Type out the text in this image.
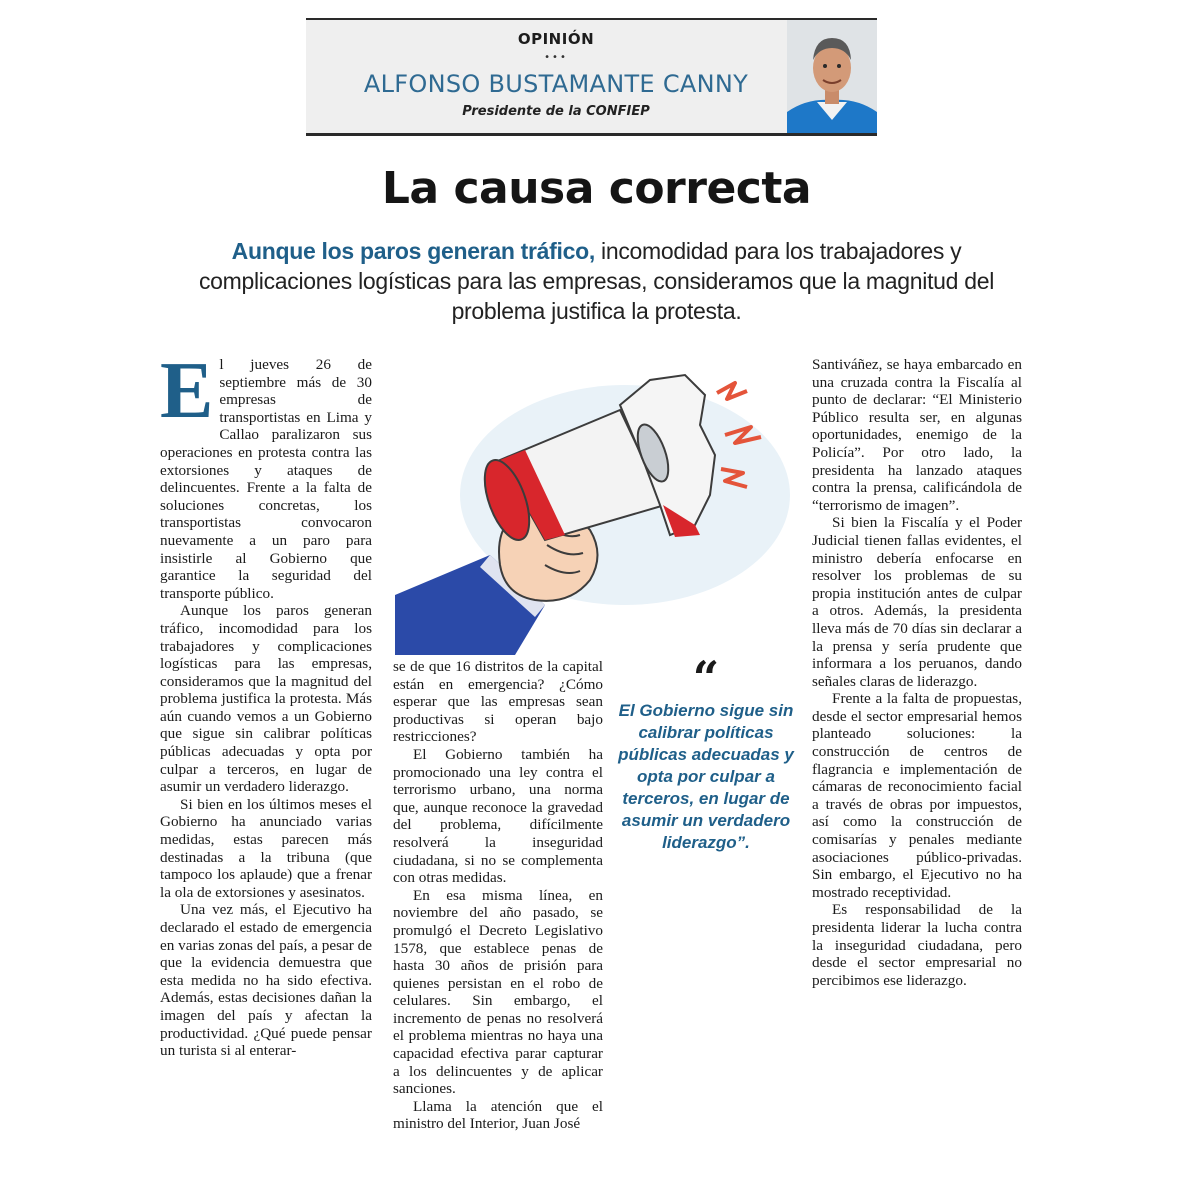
OPINIÓN
•••
ALFONSO BUSTAMANTE CANNY
Presidente de la CONFIEP
La causa correcta
Aunque los paros generan tráfico, incomodidad para los trabajadores y complicaciones logísticas para las empresas, consideramos que la magnitud del problema justifica la protesta.
E l jueves 26 de septiembre más de 30 empresas de transportistas en Lima y Callao paralizaron sus operaciones en protesta contra las extorsiones y ataques de delincuentes. Frente a la falta de soluciones concretas, los transportistas convocaron nuevamente a un paro para insistirle al Gobierno que garantice la seguridad del transporte público.

Aunque los paros generan tráfico, incomodidad para los trabajadores y complicaciones logísticas para las empresas, consideramos que la magnitud del problema justifica la protesta. Más aún cuando vemos a un Gobierno que sigue sin calibrar políticas públicas adecuadas y opta por culpar a terceros, en lugar de asumir un verdadero liderazgo.

Si bien en los últimos meses el Gobierno ha anunciado varias medidas, estas parecen más destinadas a la tribuna (que tampoco los aplaude) que a frenar la ola de extorsiones y asesinatos.

Una vez más, el Ejecutivo ha declarado el estado de emergencia en varias zonas del país, a pesar de que la evidencia demuestra que esta medida no ha sido efectiva. Además, estas decisiones dañan la imagen del país y afectan la productividad. ¿Qué puede pensar un turista si al enterar-

se de que 16 distritos de la capital están en emergencia? ¿Cómo esperar que las empresas sean productivas si operan bajo restricciones?

El Gobierno también ha promocionado una ley contra el terrorismo urbano, una norma que, aunque reconoce la gravedad del problema, difícilmente resolverá la inseguridad ciudadana, si no se complementa con otras medidas.

En esa misma línea, en noviembre del año pasado, se promulgó el Decreto Legislativo 1578, que establece penas de hasta 30 años de prisión para quienes persistan en el robo de celulares. Sin embargo, el incremento de penas no resolverá el problema mientras no haya una capacidad efectiva parar capturar a los delincuentes y de aplicar sanciones.

Llama la atención que el ministro del Interior, Juan José

“
El Gobierno sigue sin calibrar políticas públicas adecuadas y opta por culpar a terceros, en lugar de asumir un verdadero liderazgo”.

Santiváñez, se haya embarcado en una cruzada contra la Fiscalía al punto de declarar: “El Ministerio Público resulta ser, en algunas oportunidades, enemigo de la Policía”. Por otro lado, la presidenta ha lanzado ataques contra la prensa, calificándola de “terrorismo de imagen”.

Si bien la Fiscalía y el Poder Judicial tienen fallas evidentes, el ministro debería enfocarse en resolver los problemas de su propia institución antes de culpar a otros. Además, la presidenta lleva más de 70 días sin declarar a la prensa y sería prudente que informara a los peruanos, dando señales claras de liderazgo.

Frente a la falta de propuestas, desde el sector empresarial hemos planteado soluciones: la construcción de centros de flagrancia e implementación de cámaras de reconocimiento facial a través de obras por impuestos, así como la construcción de comisarías y penales mediante asociaciones público-privadas. Sin embargo, el Ejecutivo no ha mostrado receptividad.

Es responsabilidad de la presidenta liderar la lucha contra la inseguridad ciudadana, pero desde el sector empresarial no percibimos ese liderazgo.
